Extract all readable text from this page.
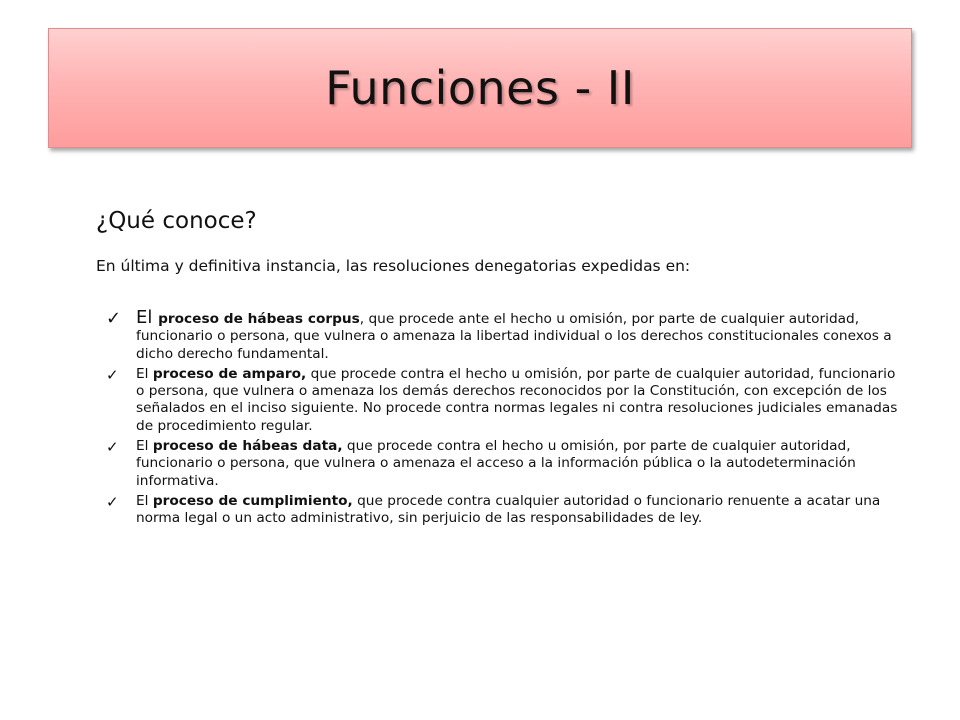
Funciones - II
¿Qué conoce?
En última y definitiva instancia, las resoluciones denegatorias expedidas en:
✓ El proceso de hábeas corpus, que procede ante el hecho u omisión, por parte de cualquier autoridad, funcionario o persona, que vulnera o amenaza la libertad individual o los derechos constitucionales conexos a dicho derecho fundamental.
✓ El proceso de amparo, que procede contra el hecho u omisión, por parte de cualquier autoridad, funcionario o persona, que vulnera o amenaza los demás derechos reconocidos por la Constitución, con excepción de los señalados en el inciso siguiente. No procede contra normas legales ni contra resoluciones judiciales emanadas de procedimiento regular.
✓ El proceso de hábeas data, que procede contra el hecho u omisión, por parte de cualquier autoridad, funcionario o persona, que vulnera o amenaza el acceso a la información pública o la autodeterminación informativa.
✓ El proceso de cumplimiento, que procede contra cualquier autoridad o funcionario renuente a acatar una norma legal o un acto administrativo, sin perjuicio de las responsabilidades de ley.
